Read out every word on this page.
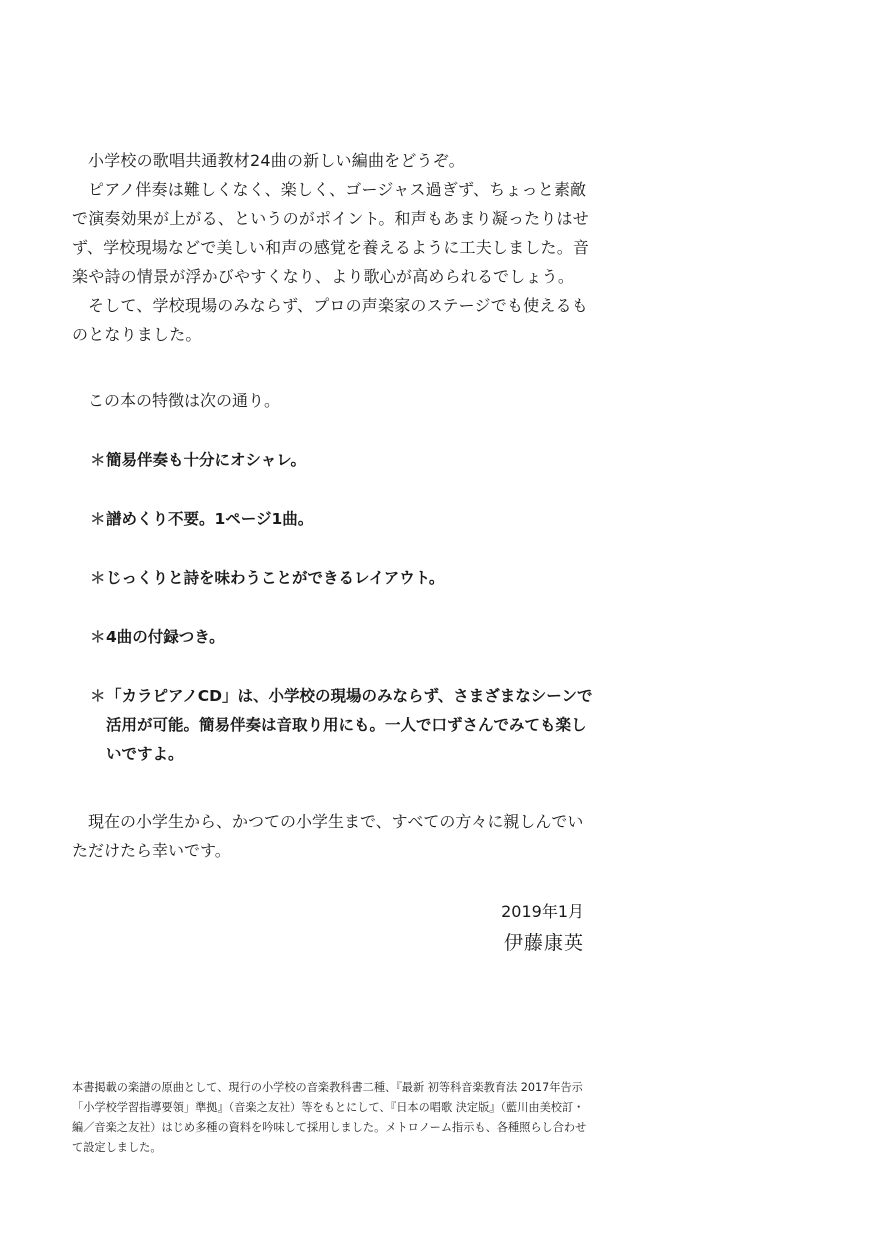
小学校の歌唱共通教材24曲の新しい編曲をどうぞ。

ピアノ伴奏は難しくなく、楽しく、ゴージャス過ぎず、ちょっと素敵で演奏効果が上がる、というのがポイント。和声もあまり凝ったりはせず、学校現場などで美しい和声の感覚を養えるように工夫しました。音楽や詩の情景が浮かびやすくなり、より歌心が高められるでしょう。

そして、学校現場のみならず、プロの声楽家のステージでも使えるものとなりました。

この本の特徴は次の通り。

＊ 簡易伴奏も十分にオシャレ。
＊ 譜めくり不要。1ページ1曲。
＊ じっくりと詩を味わうことができるレイアウト。
＊ 4曲の付録つき。
＊ 「カラピアノCD」は、小学校の現場のみならず、さまざまなシーンで活用が可能。簡易伴奏は音取り用にも。一人で口ずさんでみても楽しいですよ。

現在の小学生から、かつての小学生まで、すべての方々に親しんでいただけたら幸いです。

2019年1月

伊藤康英

本書掲載の楽譜の原曲として、現行の小学校の音楽教科書二種、『最新 初等科音楽教育法 2017年告示「小学校学習指導要領」準拠』（音楽之友社）等をもとにして、『日本の唱歌 決定版』（藍川由美校訂・編／音楽之友社）はじめ多種の資料を吟味して採用しました。メトロノーム指示も、各種照らし合わせて設定しました。
